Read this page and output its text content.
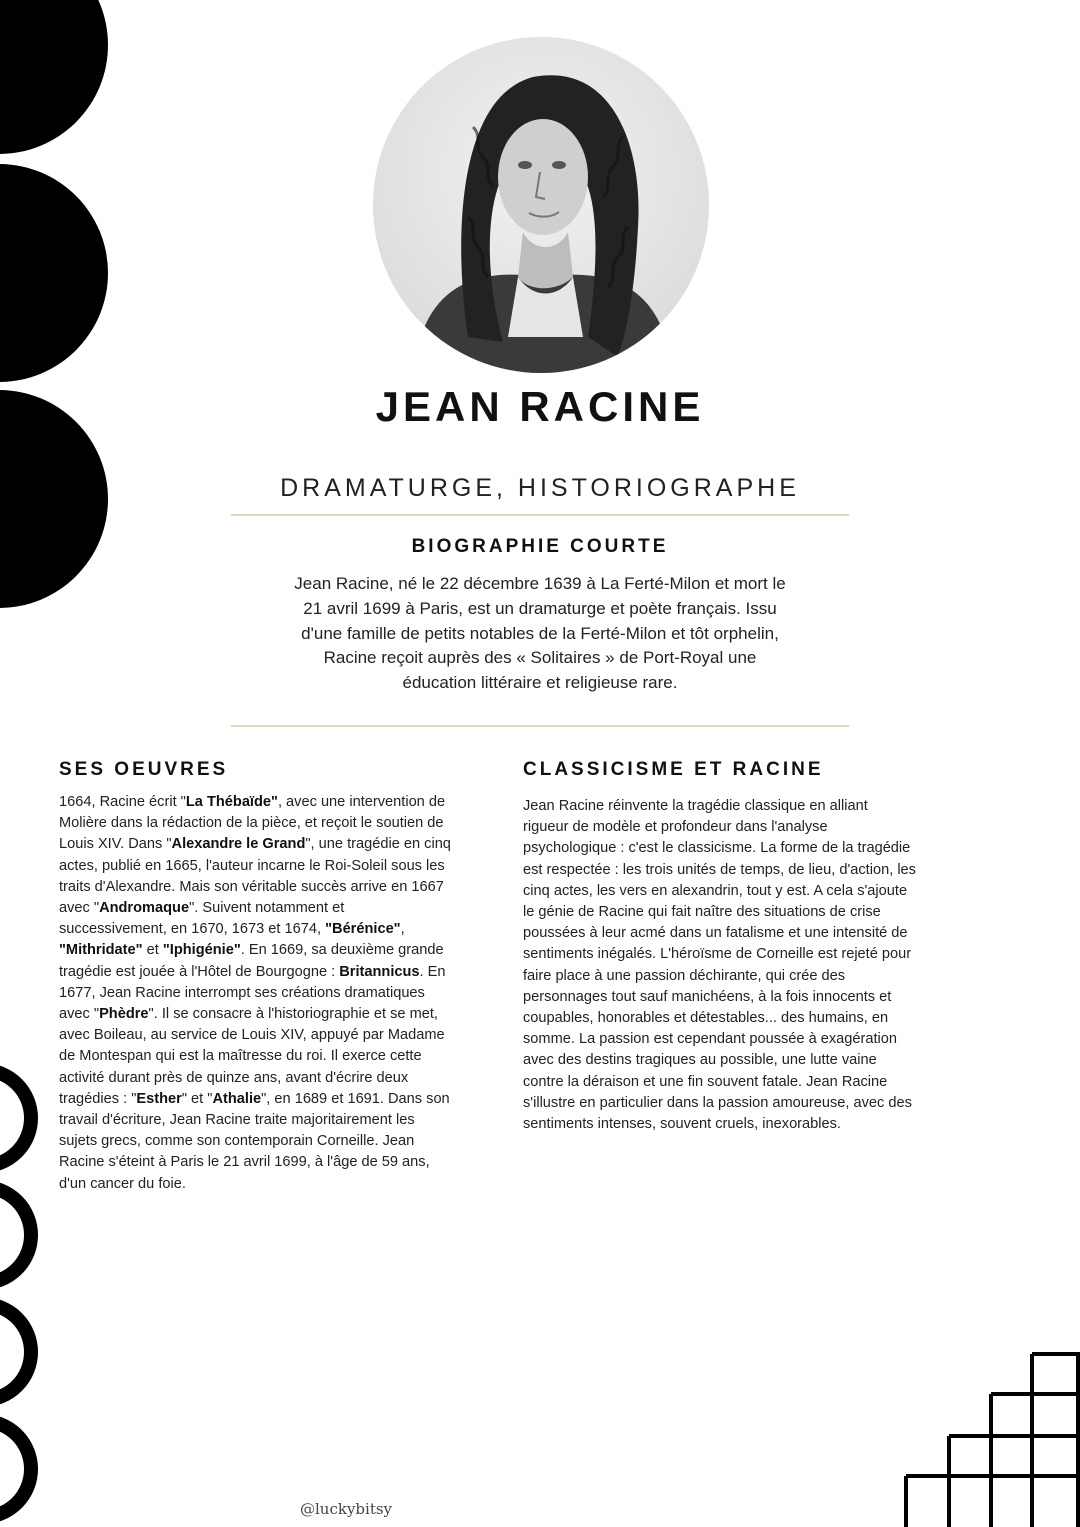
JEAN RACINE
DRAMATURGE, HISTORIOGRAPHE
BIOGRAPHIE COURTE
Jean Racine, né le 22 décembre 1639 à La Ferté-Milon et mort le 21 avril 1699 à Paris, est un dramaturge et poète français. Issu d'une famille de petits notables de la Ferté-Milon et tôt orphelin, Racine reçoit auprès des « Solitaires » de Port-Royal une éducation littéraire et religieuse rare.
SES OEUVRES
1664, Racine écrit "La Thébaïde", avec une intervention de Molière dans la rédaction de la pièce, et reçoit le soutien de Louis XIV. Dans "Alexandre le Grand", une tragédie en cinq actes, publié en 1665, l'auteur incarne le Roi-Soleil sous les traits d'Alexandre. Mais son véritable succès arrive en 1667 avec "Andromaque". Suivent notamment et successivement, en 1670, 1673 et 1674, "Bérénice", "Mithridate" et "Iphigénie". En 1669, sa deuxième grande tragédie est jouée à l'Hôtel de Bourgogne : Britannicus. En 1677, Jean Racine interrompt ses créations dramatiques avec "Phèdre". Il se consacre à l'historiographie et se met, avec Boileau, au service de Louis XIV, appuyé par Madame de Montespan qui est la maîtresse du roi. Il exerce cette activité durant près de quinze ans, avant d'écrire deux tragédies : "Esther" et "Athalie", en 1689 et 1691. Dans son travail d'écriture, Jean Racine traite majoritairement les sujets grecs, comme son contemporain Corneille. Jean Racine s'éteint à Paris le 21 avril 1699, à l'âge de 59 ans, d'un cancer du foie.
CLASSICISME ET RACINE
Jean Racine réinvente la tragédie classique en alliant rigueur de modèle et profondeur dans l'analyse psychologique : c'est le classicisme. La forme de la tragédie est respectée : les trois unités de temps, de lieu, d'action, les cinq actes, les vers en alexandrin, tout y est. A cela s'ajoute le génie de Racine qui fait naître des situations de crise poussées à leur acmé dans un fatalisme et une intensité de sentiments inégalés. L'héroïsme de Corneille est rejeté pour faire place à une passion déchirante, qui crée des personnages tout sauf manichéens, à la fois innocents et coupables, honorables et détestables... des humains, en somme. La passion est cependant poussée à exagération avec des destins tragiques au possible, une lutte vaine contre la déraison et une fin souvent fatale. Jean Racine s'illustre en particulier dans la passion amoureuse, avec des sentiments intenses, souvent cruels, inexorables.
@luckybitsy
